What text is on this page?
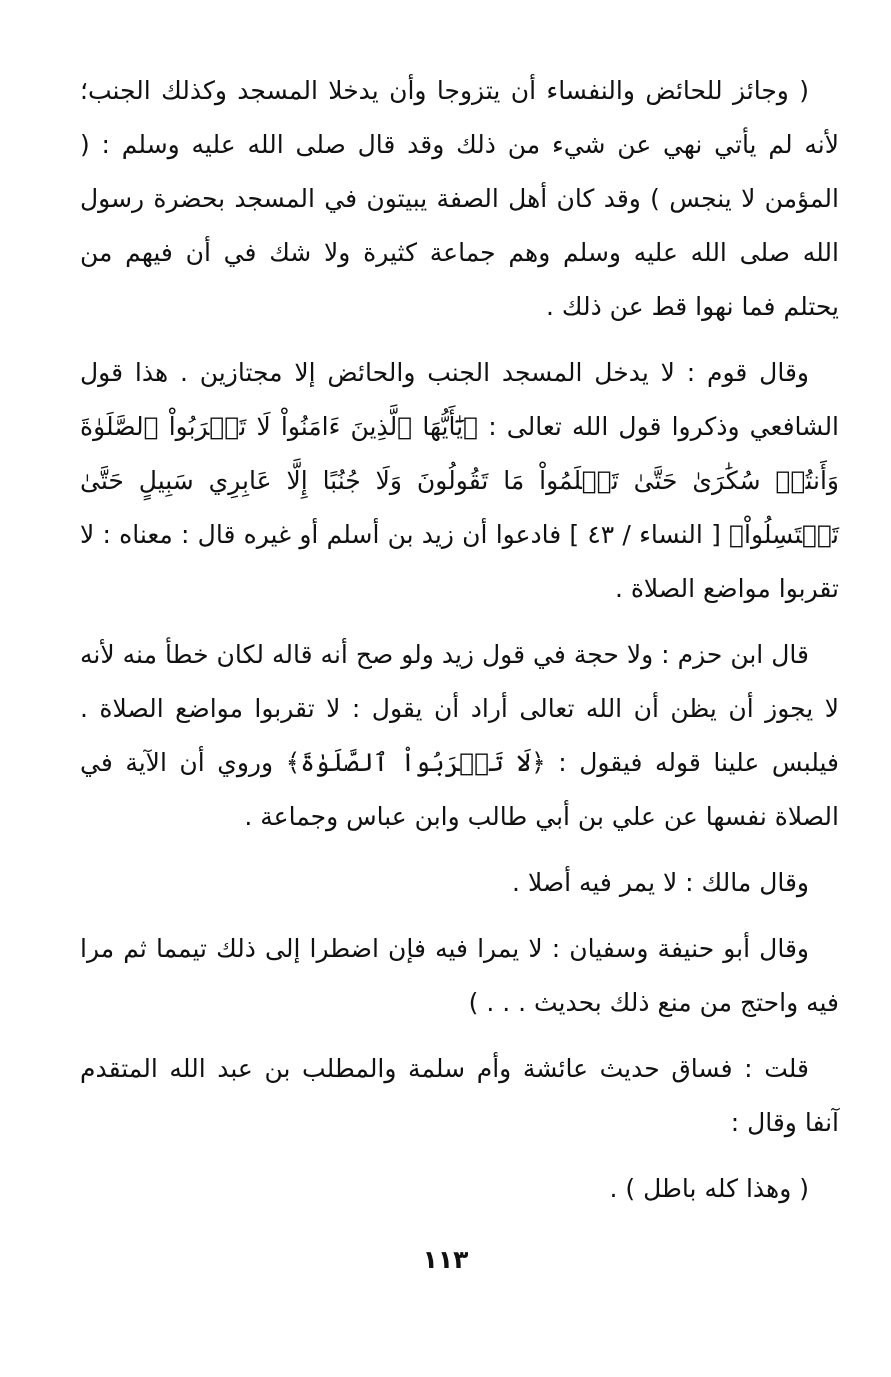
( وجائز للحائض والنفساء أن يتزوجا وأن يدخلا المسجد وكذلك الجنب؛ لأنه لم يأتي نهي عن شيء من ذلك وقد قال صلى الله عليه وسلم : ( المؤمن لا ينجس ) وقد كان أهل الصفة يبيتون في المسجد بحضرة رسول الله صلى الله عليه وسلم وهم جماعة كثيرة ولا شك في أن فيهم من يحتلم فما نهوا قط عن ذلك .

وقال قوم : لا يدخل المسجد الجنب والحائض إلا مجتازين . هذا قول الشافعي وذكروا قول الله تعالى : ﴿يَٰٓأَيُّهَا ٱلَّذِينَ ءَامَنُواْ لَا تَقۡرَبُواْ ٱلصَّلَوٰةَ وَأَنتُمۡ سُكَٰرَىٰ حَتَّىٰ تَعۡلَمُواْ مَا تَقُولُونَ وَلَا جُنُبًا إِلَّا عَابِرِي سَبِيلٍ حَتَّىٰ تَغۡتَسِلُواْ﴾ [ النساء / ٤٣ ] فادعوا أن زيد بن أسلم أو غيره قال : معناه : لا تقربوا مواضع الصلاة .

قال ابن حزم : ولا حجة في قول زيد ولو صح أنه قاله لكان خطأ منه لأنه لا يجوز أن يظن أن الله تعالى أراد أن يقول : لا تقربوا مواضع الصلاة . فيلبس علينا قوله فيقول : ﴿لَا تَقۡرَبُواْ ٱلصَّلَوٰةَ﴾ وروي أن الآية في الصلاة نفسها عن علي بن أبي طالب وابن عباس وجماعة .

وقال مالك : لا يمر فيه أصلا .

وقال أبو حنيفة وسفيان : لا يمرا فيه فإن اضطرا إلى ذلك تيمما ثم مرا فيه واحتج من منع ذلك بحديث . . . )

قلت : فساق حديث عائشة وأم سلمة والمطلب بن عبد الله المتقدم آنفا وقال :

( وهذا كله باطل ) .

١١٣
